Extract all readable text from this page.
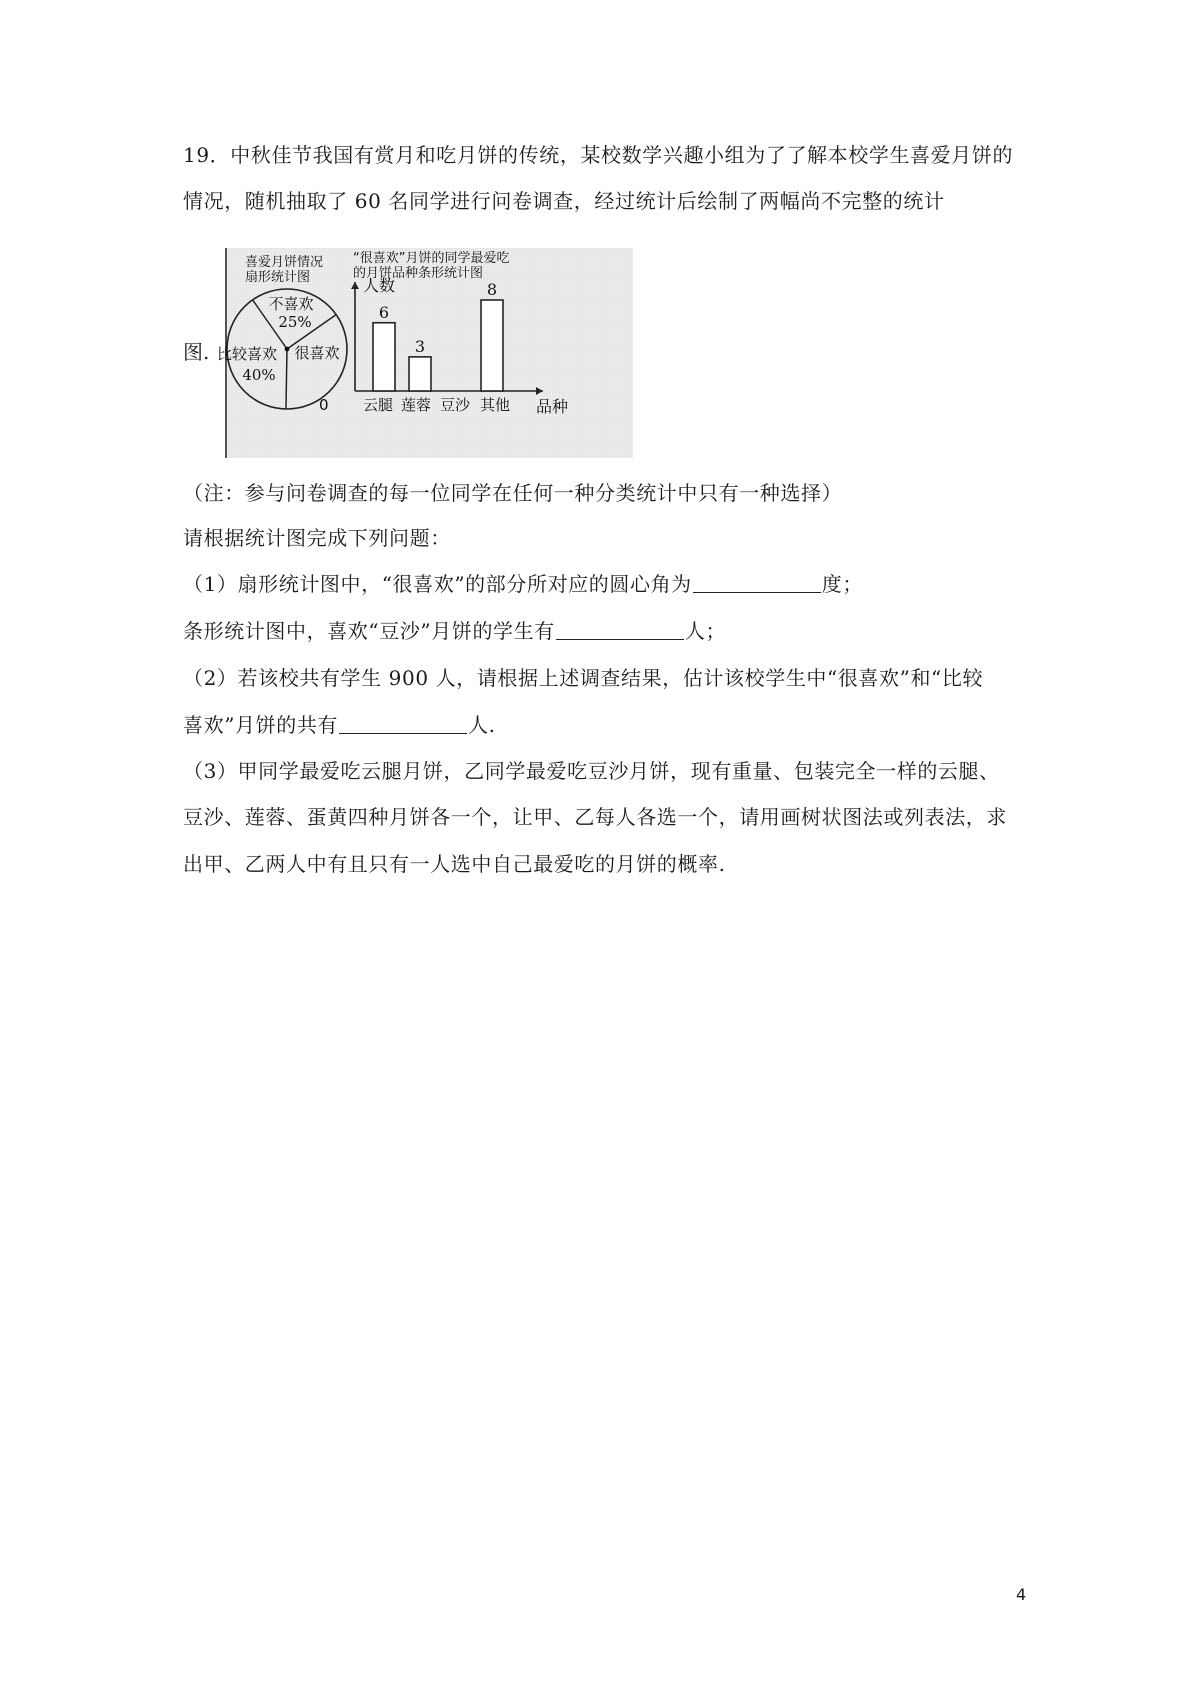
19．中秋佳节我国有赏月和吃月饼的传统，某校数学兴趣小组为了了解本校学生喜爱月饼的
情况，随机抽取了 60 名同学进行问卷调查，经过统计后绘制了两幅尚不完整的统计
图.
喜爱月饼情况
扇形统计图
不喜欢
25%
很喜欢
比较喜欢
40%
“很喜欢”月饼的同学最爱吃
的月饼品种条形统计图
人数
品种
0 云腿
6
莲蓉
3
豆沙 其他
8
（注：参与问卷调查的每一位同学在任何一种分类统计中只有一种选择）
请根据统计图完成下列问题：
（1）扇形统计图中，“很喜欢”的部分所对应的圆心角为	度；
条形统计图中，喜欢“豆沙”月饼的学生有	人；
（2）若该校共有学生 900 人，请根据上述调查结果，估计该校学生中“很喜欢”和“比较
喜欢”月饼的共有	人.
（3）甲同学最爱吃云腿月饼，乙同学最爱吃豆沙月饼，现有重量、包装完全一样的云腿、
豆沙、莲蓉、蛋黄四种月饼各一个，让甲、乙每人各选一个，请用画树状图法或列表法，求
出甲、乙两人中有且只有一人选中自己最爱吃的月饼的概率.
4
